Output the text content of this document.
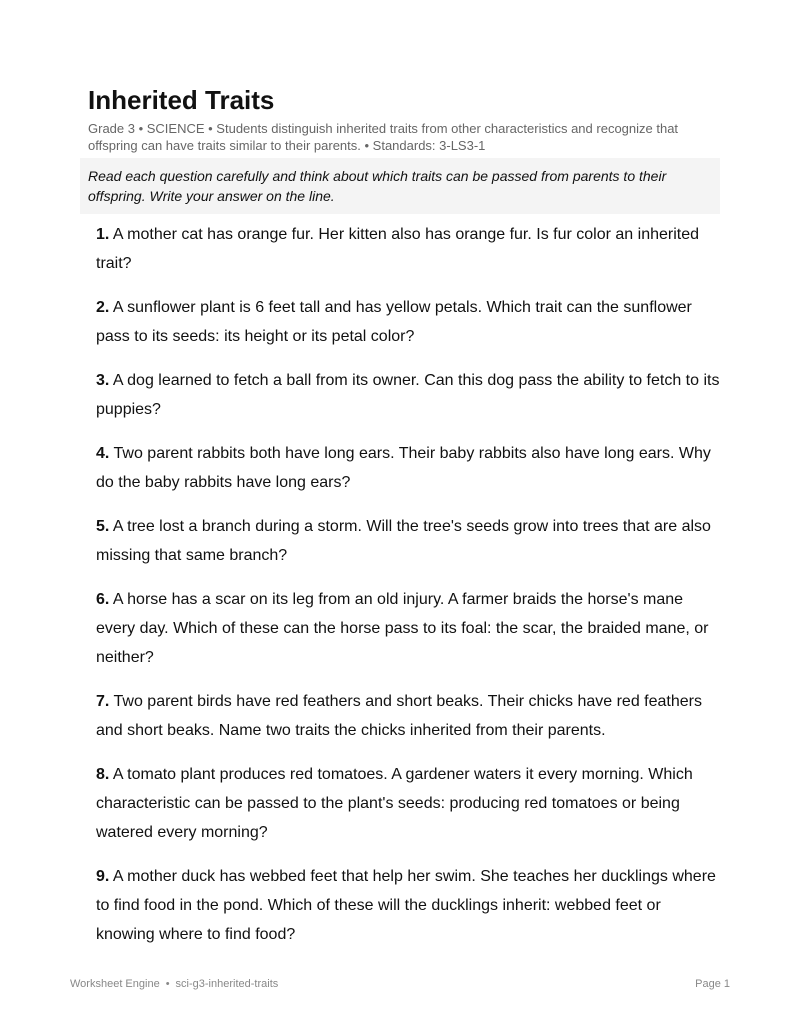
Inherited Traits
Grade 3 • SCIENCE • Students distinguish inherited traits from other characteristics and recognize that offspring can have traits similar to their parents. • Standards: 3-LS3-1
Read each question carefully and think about which traits can be passed from parents to their offspring. Write your answer on the line.

1. A mother cat has orange fur. Her kitten also has orange fur. Is fur color an inherited trait?

2. A sunflower plant is 6 feet tall and has yellow petals. Which trait can the sunflower pass to its seeds: its height or its petal color?

3. A dog learned to fetch a ball from its owner. Can this dog pass the ability to fetch to its puppies?

4. Two parent rabbits both have long ears. Their baby rabbits also have long ears. Why do the baby rabbits have long ears?

5. A tree lost a branch during a storm. Will the tree's seeds grow into trees that are also missing that same branch?

6. A horse has a scar on its leg from an old injury. A farmer braids the horse's mane every day. Which of these can the horse pass to its foal: the scar, the braided mane, or neither?

7. Two parent birds have red feathers and short beaks. Their chicks have red feathers and short beaks. Name two traits the chicks inherited from their parents.

8. A tomato plant produces red tomatoes. A gardener waters it every morning. Which characteristic can be passed to the plant's seeds: producing red tomatoes or being watered every morning?

9. A mother duck has webbed feet that help her swim. She teaches her ducklings where to find food in the pond. Which of these will the ducklings inherit: webbed feet or knowing where to find food?

Worksheet Engine • sci-g3-inherited-traits	Page 1
